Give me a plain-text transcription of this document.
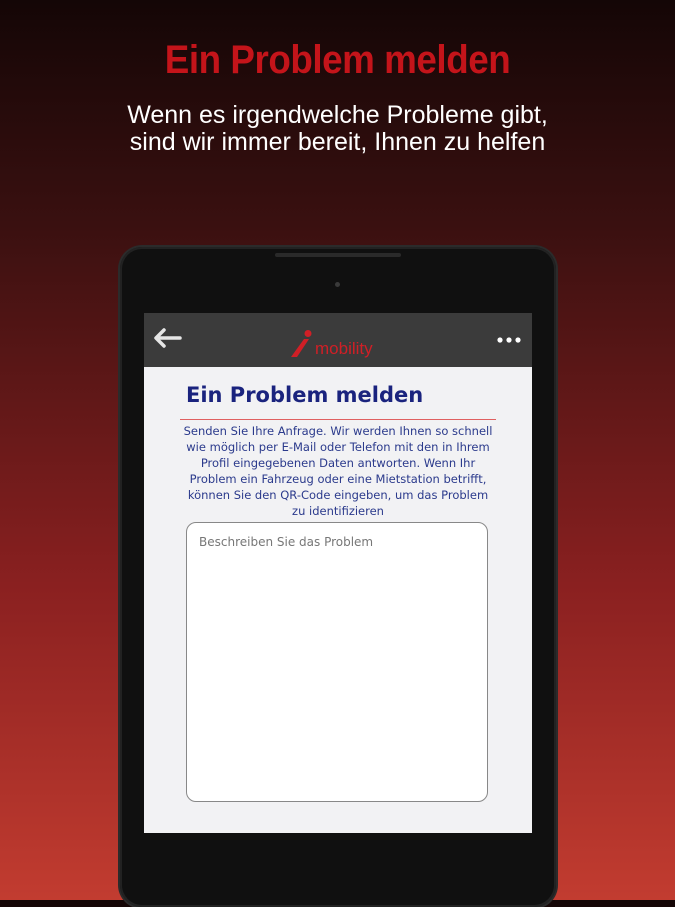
Ein Problem melden
Wenn es irgendwelche Probleme gibt,
sind wir immer bereit, Ihnen zu helfen
mobility
Ein Problem melden
Senden Sie Ihre Anfrage. Wir werden Ihnen so schnell wie möglich per E-Mail oder Telefon mit den in Ihrem Profil eingegebenen Daten antworten. Wenn Ihr Problem ein Fahrzeug oder eine Mietstation betrifft, können Sie den QR-Code eingeben, um das Problem zu identifizieren
Beschreiben Sie das Problem
